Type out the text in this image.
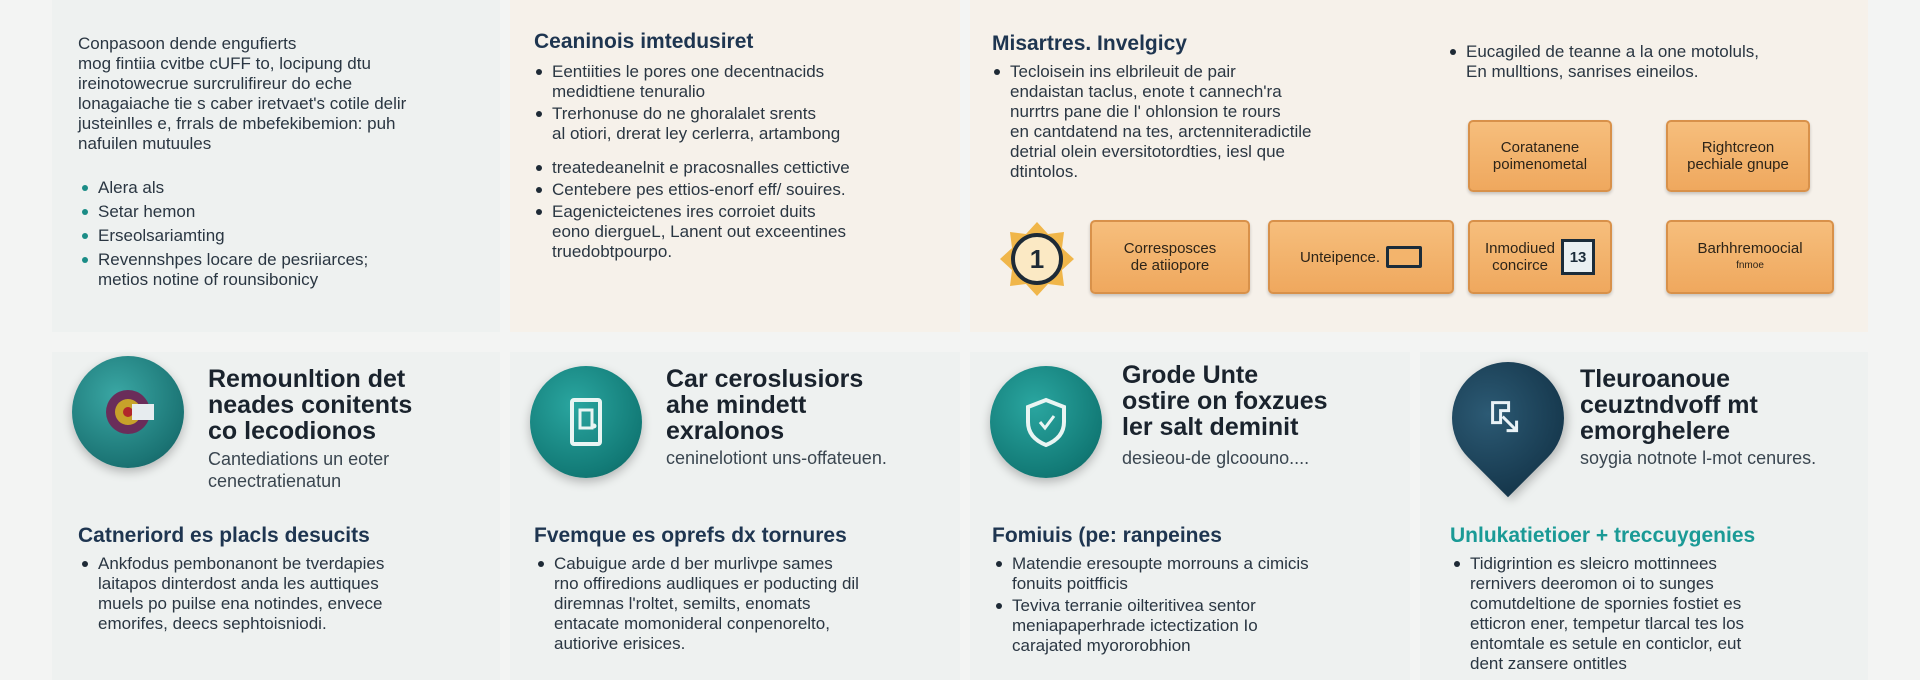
Conpasoon dende engufierts
mog fintiia cvitbe cUFF to, locipung dtu
ireinotowecrue surcrulifireur do eche
lonagaiache tie s caber iretvaet's cotile delir
justeinlles e, frrals de mbefekibemion: puh
nafuilen mutuules
Alera als
Setar hemon
Erseolsariamting
Revennshpes locare de pesriiarces;
metios notine of rounsibonicy
Ceaninois imtedusiret
Eentiities le pores one decentnacids
medidtiene tenuralio
Trerhonuse do ne ghoralalet srents
al otiori, drerat ley cerlerra, artambong
treatedeanelnit e pracosnalles cettictive
Centebere pes ettios-enorf eff/ souires.
Eagenicteictenes ires corroiet duits
eono diergueL, Lanent out exceentines
truedobtpourpo.
Misartres. Invelgicy
Tecloisein ins elbrileuit de pair
endaistan taclus, enote t cannech'ra
nurrtrs pane die l' ohlonsion te rours
en cantdatend na tes, arctenniteradictile
detrial olein eversitotordties, iesl que
dtintolos.
Eucagiled de teanne a la one motoluls,
En mulltions, sanrises eineilos.
Coratanene
poimenometal
Rightcreon
pechiale gnupe
Corresposces
de atiiopore	Unteipence.	Inmodiued
concirce	13	Barhhremoocial
fnmoe
1
Remounltion det
neades conitents
co lecodionos
Cantediations un eoter
cenectratienatun
Catneriord es placls desucits
Ankfodus pembonanont be tverdapies
laitapos dinterdost anda les auttiques
muels po puilse ena notindes, envece
emorifes, deecs sephtoisniodi.
Car ceroslusiors
ahe mindett
exralonos
ceninelotiont uns-offateuen.
Fvemque es oprefs dx tornures
Cabuigue arde d ber murlivpe sames
rno offiredions audliques er poducting dil
diremnas l'roltet, semilts, enomats
entacate momonideral conpenorelto,
autiorive erisices.
Grode Unte
ostire on foxzues
ler salt deminit
desieou-de glcoouno....
Fomiuis (pe: ranpeines
Matendie eresoupte morrouns a cimicis
fonuits poitfficis
Teviva terranie oilteritivea sentor
meniapaperhrade ictectization Io
carajated myororobhion
Tleuroanoue
ceuztndvoff mt
emorghelere
soygia notnote l-mot cenures.
Unlukatietioer + treccuygenies
Tidigrintion es sleicro mottinnees
rernivers deeromon oi to sunges
comutdeltione de spornies fostiet es
etticron ener, tempetur tlarcal tes los
entomtale es setule en conticlor, eut
dent zansere ontitles
